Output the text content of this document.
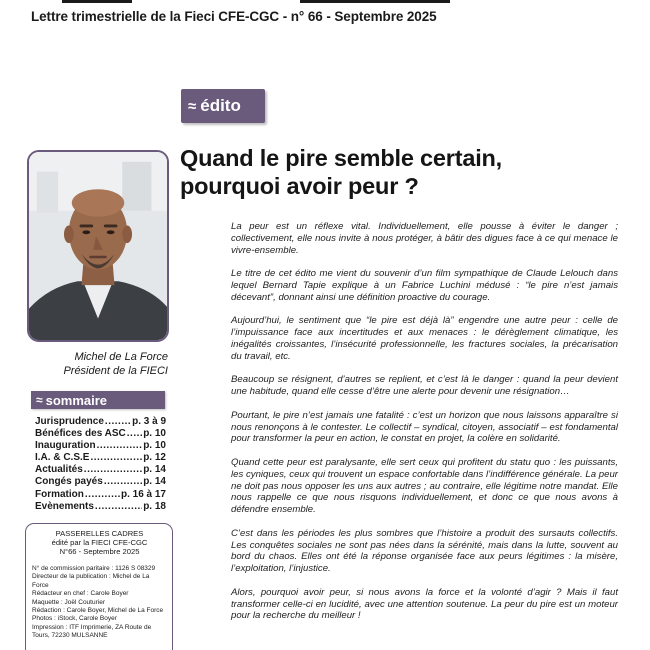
Lettre trimestrielle de la Fieci CFE-CGC - n° 66 - Septembre 2025
≈ édito
Quand le pire semble certain,
pourquoi avoir peur ?
Michel de La Force
Président de la FIECI
≈ sommaire
Jurisprudence .....	p. 3 à 9
Bénéfices des ASC ..... p. 10
Inauguration .....	p. 10
I.A. & C.S.E .....	p. 12
Actualités .....	p. 14
Congés payés .....	p. 14
Formation .....	p. 16 à 17
Evènements .....	p. 18
PASSERELLES CADRES
édité par la FIECI CFE-CGC
N°66 - Septembre 2025
N° de commission paritaire : 1126 S 08329
Directeur de la publication : Michel de La Force
Rédacteur en chef : Carole Boyer
Maquette : Joël Couturier
Rédaction : Carole Boyer, Michel de La Force
Photos : iStock, Carole Boyer
Impression : ITF Imprimerie, ZA Route de
Tours, 72230 MULSANNE

La peur est un réflexe vital. Individuellement, elle pousse à éviter le danger ; collectivement, elle nous invite à nous protéger, à bâtir des digues face à ce qui menace le vivre-ensemble.

Le titre de cet édito me vient du souvenir d’un film sympathique de Claude Lelouch dans lequel Bernard Tapie explique à un Fabrice Luchini médusé : “le pire n’est jamais décevant”, donnant ainsi une définition proactive du courage.

Aujourd’hui, le sentiment que “le pire est déjà là” engendre une autre peur : celle de l’impuissance face aux incertitudes et aux menaces : le dérèglement climatique, les inégalités croissantes, l’insécurité professionnelle, les fractures sociales, la précarisation du travail, etc.

Beaucoup se résignent, d’autres se replient, et c’est là le danger : quand la peur devient une habitude, quand elle cesse d’être une alerte pour devenir une résignation…

Pourtant, le pire n’est jamais une fatalité : c’est un horizon que nous laissons apparaître si nous renonçons à le contester. Le collectif – syndical, citoyen, associatif – est fondamental pour transformer la peur en action, le constat en projet, la colère en solidarité.

Quand cette peur est paralysante, elle sert ceux qui profitent du statu quo : les puissants, les cyniques, ceux qui trouvent un espace confortable dans l’indifférence générale. La peur ne doit pas nous opposer les uns aux autres ; au contraire, elle légitime notre mandat. Elle nous rappelle ce que nous risquons individuellement, et donc ce que nous avons à défendre ensemble.

C’est dans les périodes les plus sombres que l’histoire a produit des sursauts collectifs. Les conquêtes sociales ne sont pas nées dans la sérénité, mais dans la lutte, souvent au bord du chaos. Elles ont été la réponse organisée face aux peurs légitimes : la misère, l’exploitation, l’injustice.

Alors, pourquoi avoir peur, si nous avons la force et la volonté d’agir ? Mais il faut transformer celle-ci en lucidité, avec une attention soutenue. La peur du pire est un moteur pour la recherche du meilleur !
